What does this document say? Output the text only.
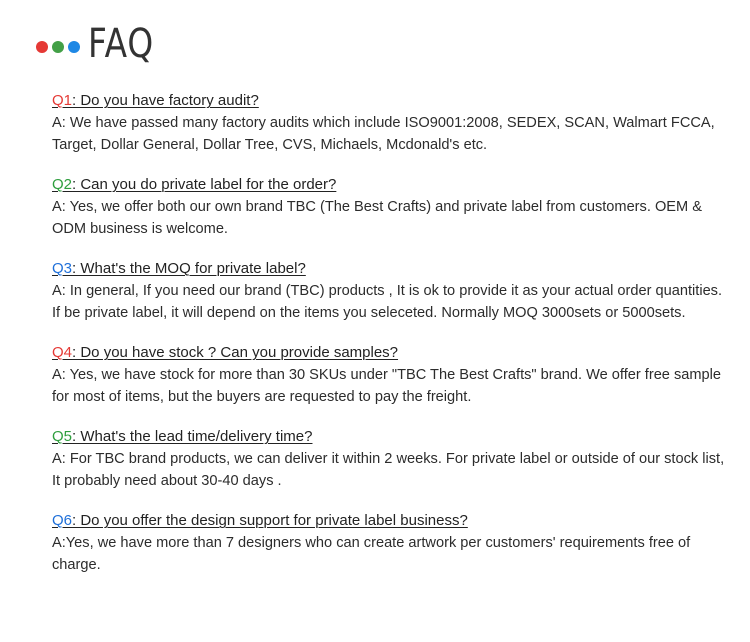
FAQ
Q1: Do you have factory audit?
A: We have passed many factory audits which include ISO9001:2008, SEDEX, SCAN, Walmart FCCA, Target, Dollar General, Dollar Tree, CVS, Michaels, Mcdonald's etc.
Q2: Can you do private label for the order?
A: Yes, we offer both our own brand TBC (The Best Crafts) and private label from customers. OEM & ODM business is welcome.
Q3: What's the MOQ for private label?
A: In general, If you need our brand (TBC) products , It is ok to provide it as your actual order quantities. If be private label, it will depend on the items you seleceted. Normally MOQ 3000sets or 5000sets.
Q4: Do you have stock ? Can you provide samples?
A: Yes, we have stock for more than 30 SKUs under "TBC The Best Crafts" brand. We offer free sample for most of items, but the buyers are requested to pay the freight.
Q5: What's the lead time/delivery time?
A: For TBC brand products, we can deliver it within 2 weeks. For private label or outside of our stock list, It probably need about 30-40 days .
Q6: Do you offer the design support for private label business?
A:Yes, we have more than 7 designers who can create artwork per customers' requirements free of charge.
